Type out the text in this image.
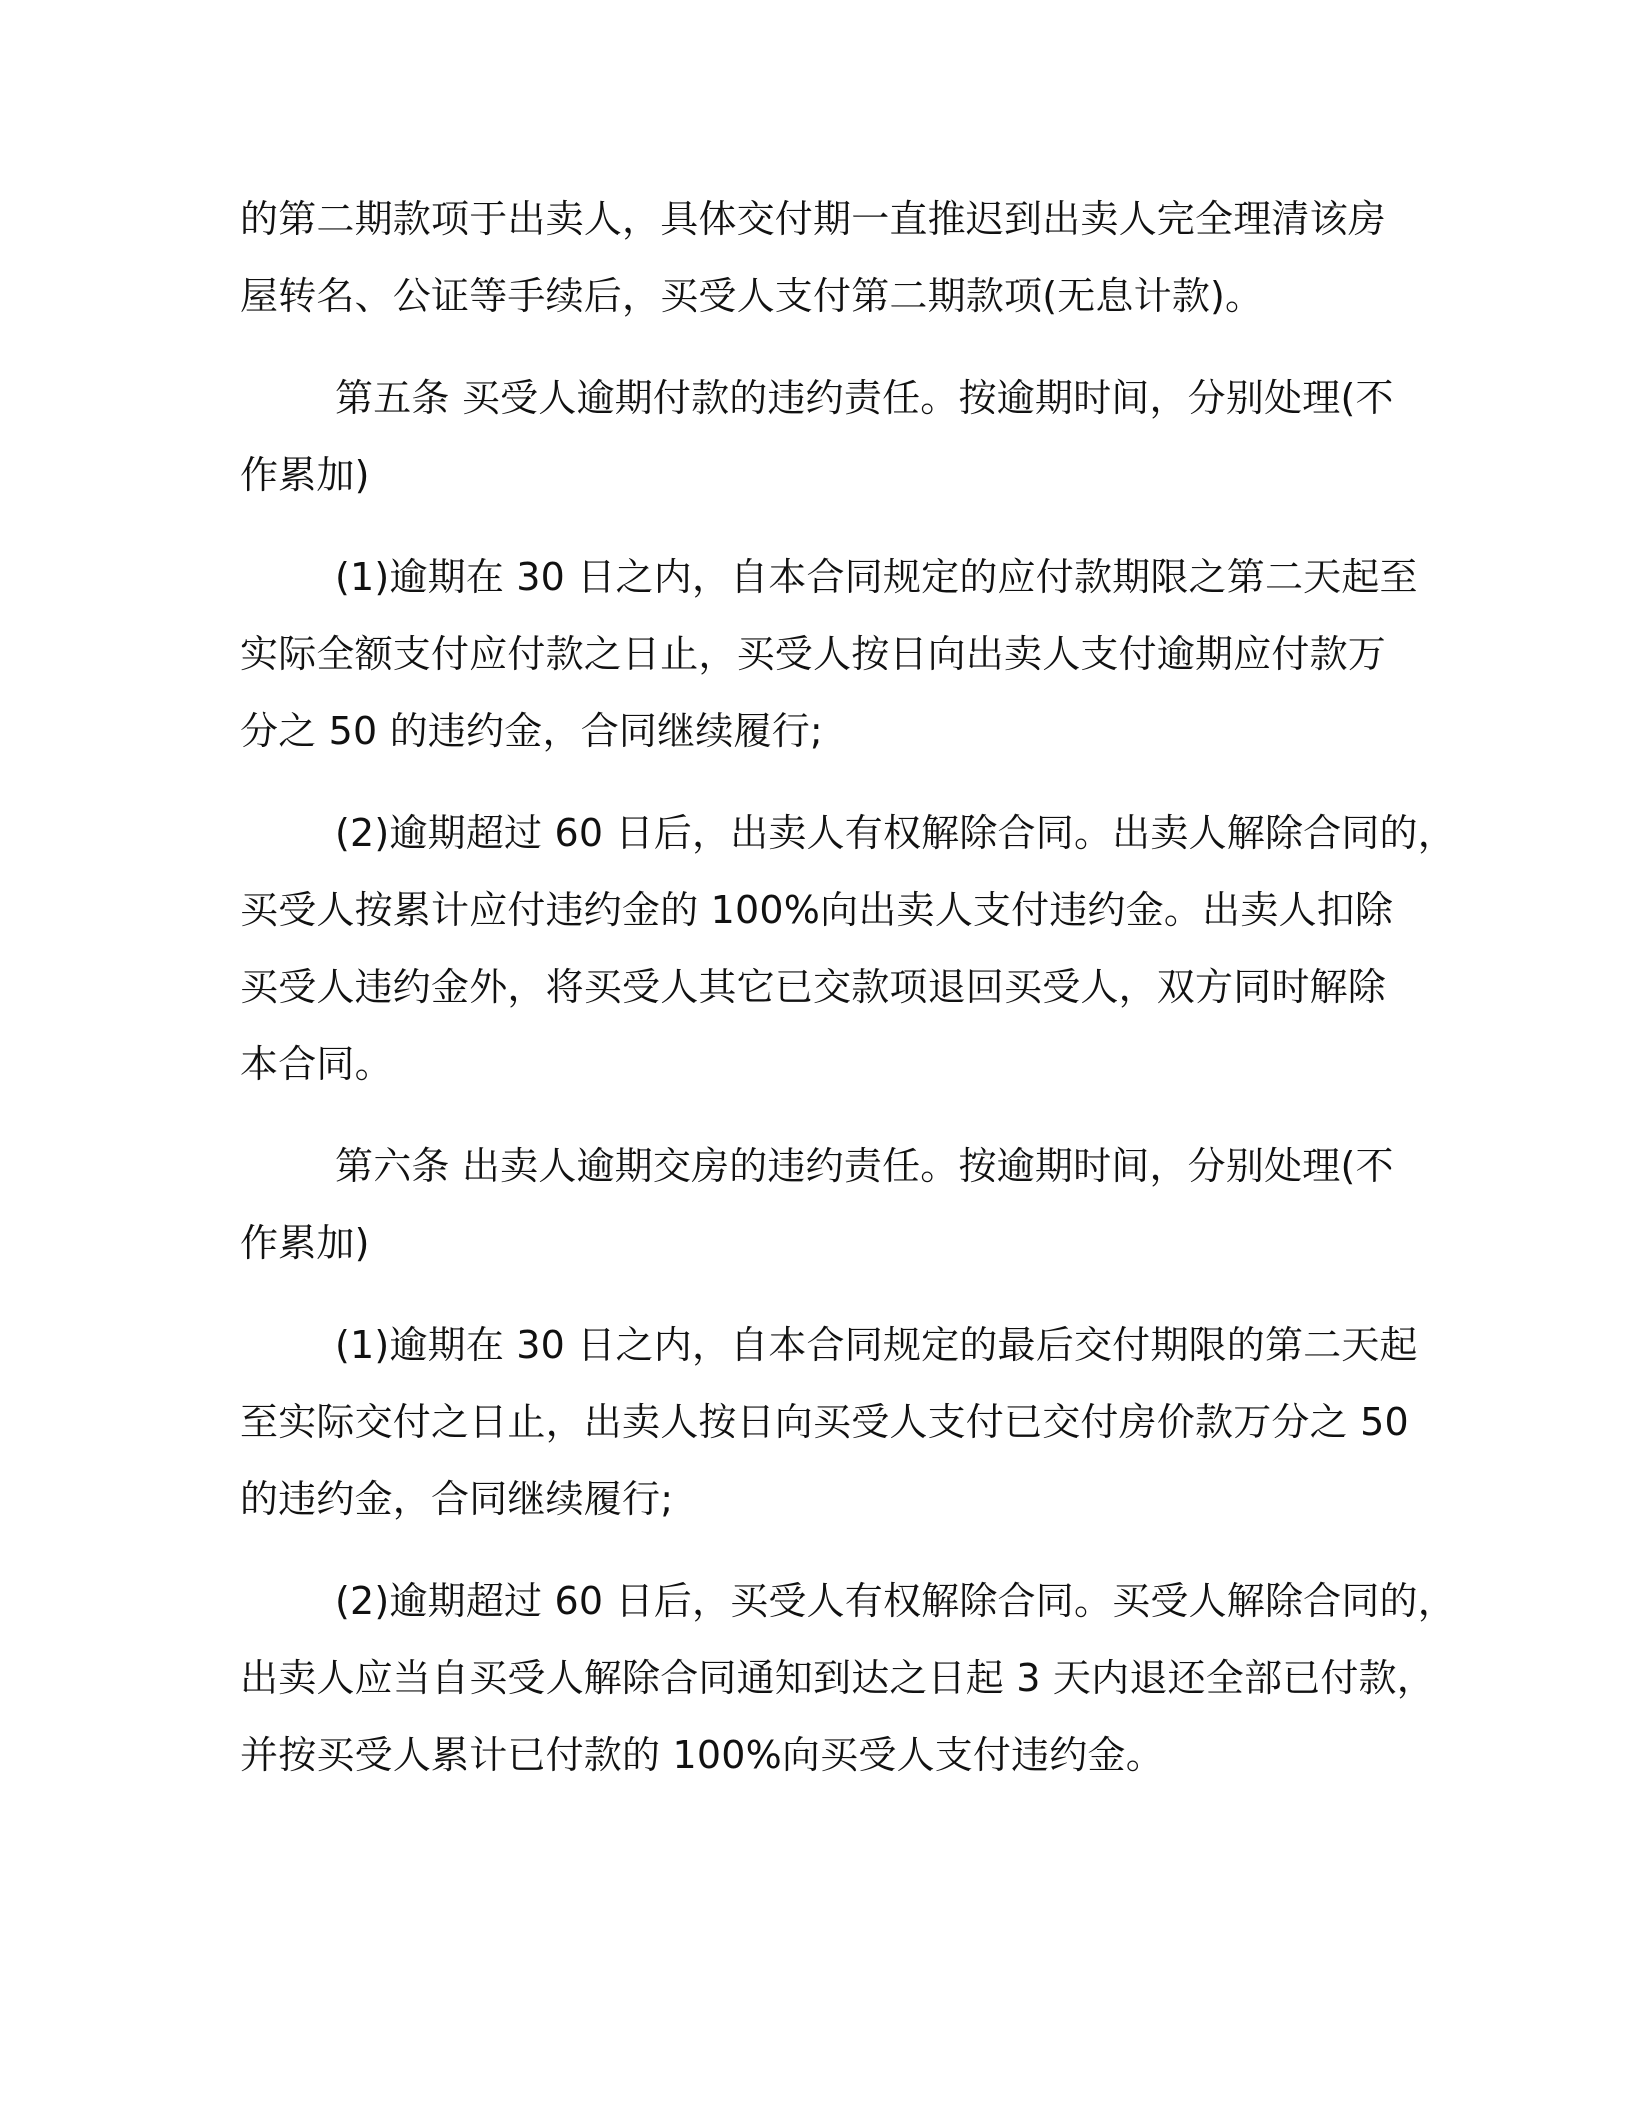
的第二期款项于出卖人，具体交付期一直推迟到出卖人完全理清该房
屋转名、公证等手续后，买受人支付第二期款项(无息计款)。
第五条 买受人逾期付款的违约责任。按逾期时间，分别处理(不
作累加)
(1)逾期在 30 日之内，自本合同规定的应付款期限之第二天起至
实际全额支付应付款之日止，买受人按日向出卖人支付逾期应付款万
分之 50 的违约金，合同继续履行;
(2)逾期超过 60 日后，出卖人有权解除合同。出卖人解除合同的，
买受人按累计应付违约金的 100%向出卖人支付违约金。出卖人扣除
买受人违约金外，将买受人其它已交款项退回买受人，双方同时解除
本合同。
第六条 出卖人逾期交房的违约责任。按逾期时间，分别处理(不
作累加)
(1)逾期在 30 日之内，自本合同规定的最后交付期限的第二天起
至实际交付之日止，出卖人按日向买受人支付已交付房价款万分之 50
的违约金，合同继续履行;
(2)逾期超过 60 日后，买受人有权解除合同。买受人解除合同的，
出卖人应当自买受人解除合同通知到达之日起 3 天内退还全部已付款，
并按买受人累计已付款的 100%向买受人支付违约金。
